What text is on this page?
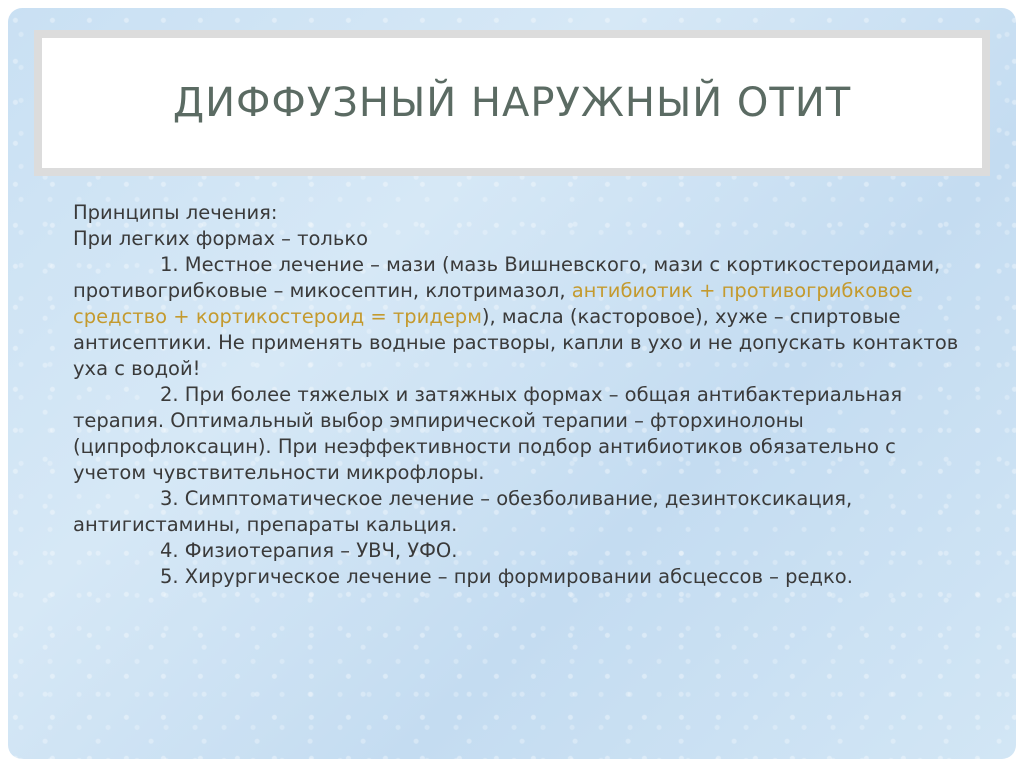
ДИФФУЗНЫЙ НАРУЖНЫЙ ОТИТ

Принципы лечения:

При легких формах – только

1. Местное лечение – мази (мазь Вишневского, мази с кортикостероидами, противогрибковые – микосептин, клотримазол, антибиотик + противогрибковое средство + кортикостероид = тридерм), масла (касторовое), хуже – спиртовые антисептики. Не применять водные растворы, капли в ухо и не допускать контактов уха с водой!

2. При более тяжелых и затяжных формах – общая антибактериальная терапия. Оптимальный выбор эмпирической терапии – фторхинолоны (ципрофлоксацин). При неэффективности подбор антибиотиков обязательно с учетом чувствительности микрофлоры.

3. Симптоматическое лечение – обезболивание, дезинтоксикация, антигистамины, препараты кальция.

4. Физиотерапия – УВЧ, УФО.

5. Хирургическое лечение – при формировании абсцессов – редко.
